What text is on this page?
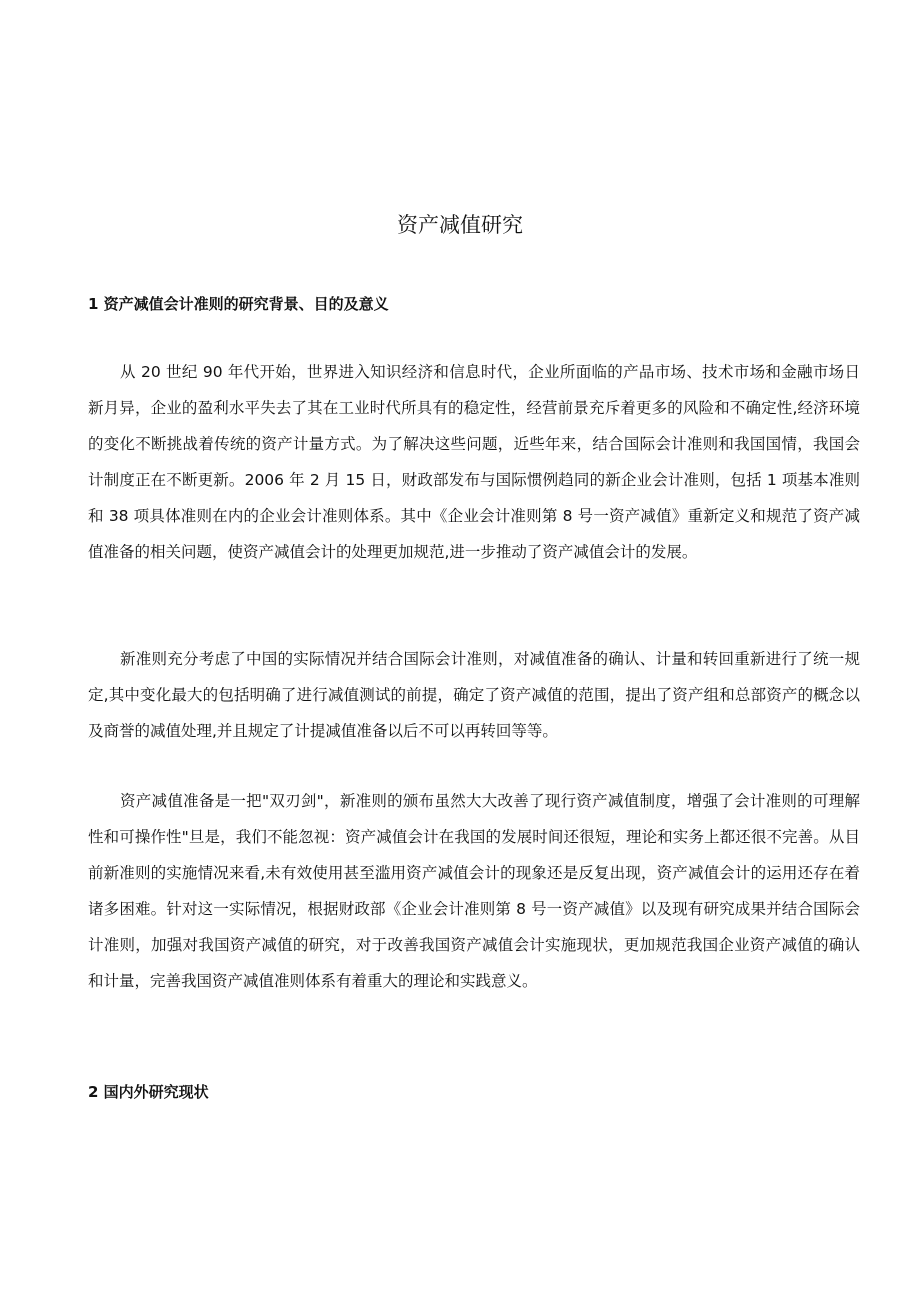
资产减值研究
1 资产减值会计准则的研究背景、目的及意义

从 20 世纪 90 年代开始，世界进入知识经济和信息时代，企业所面临的产品市场、技术市场和金融市场日新月异，企业的盈利水平失去了其在工业时代所具有的稳定性，经营前景充斥着更多的风险和不确定性,经济环境的变化不断挑战着传统的资产计量方式。为了解决这些问题，近些年来，结合国际会计准则和我国国情，我国会计制度正在不断更新。2006 年 2 月 15 日，财政部发布与国际惯例趋同的新企业会计准则，包括 1 项基本准则和 38 项具体准则在内的企业会计准则体系。其中《企业会计准则第 8 号一资产减值》重新定义和规范了资产减值准备的相关问题，使资产减值会计的处理更加规范,进一步推动了资产减值会计的发展。

新准则充分考虑了中国的实际情况并结合国际会计准则，对减值准备的确认、计量和转回重新进行了统一规定,其中变化最大的包括明确了进行减值测试的前提，确定了资产减值的范围，提出了资产组和总部资产的概念以及商誉的减值处理,并且规定了计提减值准备以后不可以再转回等等。

资产减值准备是一把"双刃剑"，新准则的颁布虽然大大改善了现行资产减值制度，增强了会计准则的可理解性和可操作性"旦是，我们不能忽视：资产减值会计在我国的发展时间还很短，理论和实务上都还很不完善。从目前新准则的实施情况来看,未有效使用甚至滥用资产减值会计的现象还是反复出现，资产减值会计的运用还存在着诸多困难。针对这一实际情况，根据财政部《企业会计准则第 8 号一资产减值》以及现有研究成果并结合国际会计准则，加强对我国资产减值的研究，对于改善我国资产减值会计实施现状，更加规范我国企业资产减值的确认和计量，完善我国资产减值准则体系有着重大的理论和实践意义。

2 国内外研究现状
